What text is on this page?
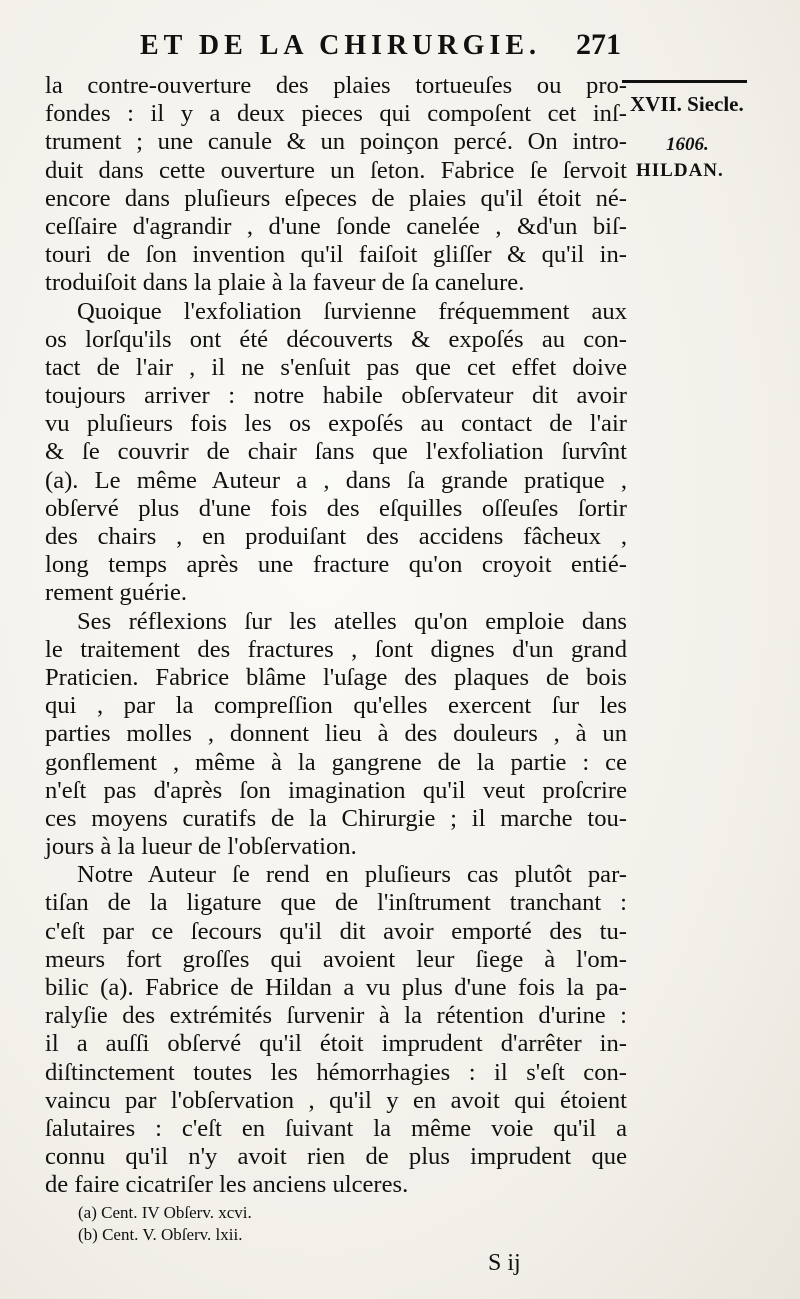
ET DE LA CHIRURGIE. 271
XVII. Siecle.
1606.
HILDAN.
la contre-ouverture des plaies tortueuſes ou pro-
fondes : il y a deux pieces qui compoſent cet inſ-
trument ; une canule & un poinçon percé. On intro-
duit dans cette ouverture un ſeton. Fabrice ſe ſervoit
encore dans pluſieurs eſpeces de plaies qu'il étoit né-
ceſſaire d'agrandir , d'une ſonde canelée , &d'un biſ-
touri de ſon invention qu'il faiſoit gliſſer & qu'il in-
troduiſoit dans la plaie à la faveur de ſa canelure.
Quoique l'exfoliation ſurvienne fréquemment aux
os lorſqu'ils ont été découverts & expoſés au con-
tact de l'air , il ne s'enſuit pas que cet effet doive
toujours arriver : notre habile obſervateur dit avoir
vu pluſieurs fois les os expoſés au contact de l'air
& ſe couvrir de chair ſans que l'exfoliation ſurvînt
(a). Le même Auteur a , dans ſa grande pratique ,
obſervé plus d'une fois des eſquilles oſſeuſes ſortir
des chairs , en produiſant des accidens fâcheux ,
long temps après une fracture qu'on croyoit entié-
rement guérie.
Ses réflexions ſur les atelles qu'on emploie dans
le traitement des fractures , ſont dignes d'un grand
Praticien. Fabrice blâme l'uſage des plaques de bois
qui , par la compreſſion qu'elles exercent ſur les
parties molles , donnent lieu à des douleurs , à un
gonflement , même à la gangrene de la partie : ce
n'eſt pas d'après ſon imagination qu'il veut proſcrire
ces moyens curatifs de la Chirurgie ; il marche tou-
jours à la lueur de l'obſervation.
Notre Auteur ſe rend en pluſieurs cas plutôt par-
tiſan de la ligature que de l'inſtrument tranchant :
c'eſt par ce ſecours qu'il dit avoir emporté des tu-
meurs fort groſſes qui avoient leur ſiege à l'om-
bilic (a). Fabrice de Hildan a vu plus d'une fois la pa-
ralyſie des extrémités ſurvenir à la rétention d'urine :
il a auſſi obſervé qu'il étoit imprudent d'arrêter in-
diſtinctement toutes les hémorrhagies : il s'eſt con-
vaincu par l'obſervation , qu'il y en avoit qui étoient
ſalutaires : c'eſt en ſuivant la même voie qu'il a
connu qu'il n'y avoit rien de plus imprudent que
de faire cicatriſer les anciens ulceres.
(a) Cent. IV Obſerv. xcvi.
(b) Cent. V. Obſerv. lxii.
S ij
